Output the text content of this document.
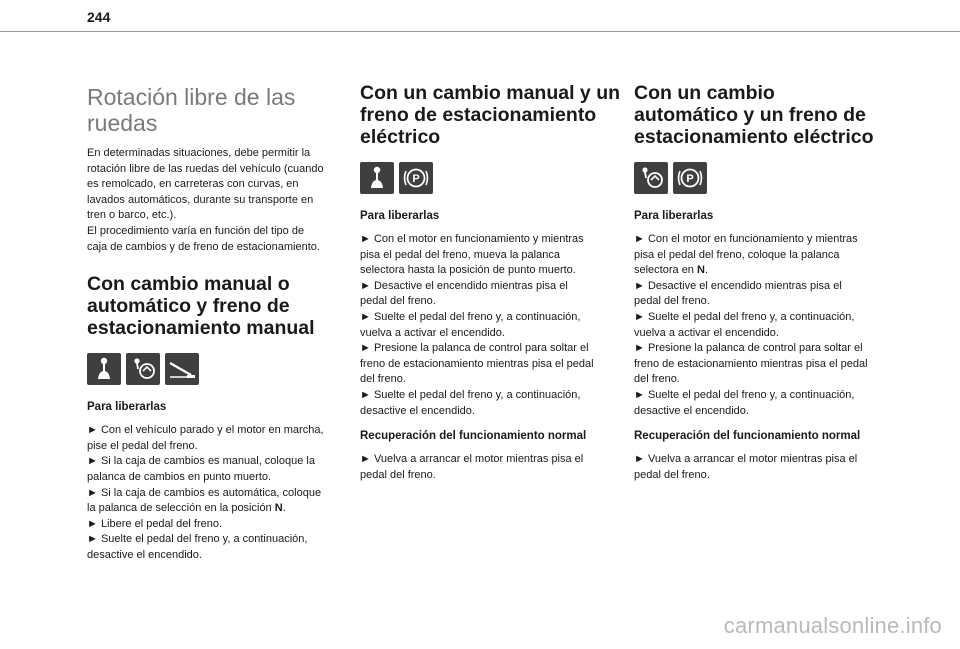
244
Rotación libre de las
ruedas
En determinadas situaciones, debe permitir la
rotación libre de las ruedas del vehículo (cuando
es remolcado, en carreteras con curvas, en
lavados automáticos, durante su transporte en
tren o barco, etc.).
El procedimiento varía en función del tipo de
caja de cambios y de freno de estacionamiento.
Con cambio manual o
automático y freno de
estacionamiento manual
Para liberarlas
► Con el vehículo parado y el motor en marcha,
pise el pedal del freno.
► Si la caja de cambios es manual, coloque la
palanca de cambios en punto muerto.
► Si la caja de cambios es automática, coloque
la palanca de selección en la posición N.
► Libere el pedal del freno.
► Suelte el pedal del freno y, a continuación,
desactive el encendido.
Con un cambio manual y un
freno de estacionamiento
eléctrico
P
Para liberarlas
► Con el motor en funcionamiento y mientras
pisa el pedal del freno, mueva la palanca
selectora hasta la posición de punto muerto.
► Desactive el encendido mientras pisa el
pedal del freno.
► Suelte el pedal del freno y, a continuación,
vuelva a activar el encendido.
► Presione la palanca de control para soltar el
freno de estacionamiento mientras pisa el pedal
del freno.
► Suelte el pedal del freno y, a continuación,
desactive el encendido.
Recuperación del funcionamiento normal
► Vuelva a arrancar el motor mientras pisa el
pedal del freno.
Con un cambio
automático y un freno de
estacionamiento eléctrico
P
Para liberarlas
► Con el motor en funcionamiento y mientras
pisa el pedal del freno, coloque la palanca
selectora en N.
► Desactive el encendido mientras pisa el
pedal del freno.
► Suelte el pedal del freno y, a continuación,
vuelva a activar el encendido.
► Presione la palanca de control para soltar el
freno de estacionamiento mientras pisa el pedal
del freno.
► Suelte el pedal del freno y, a continuación,
desactive el encendido.
Recuperación del funcionamiento normal
► Vuelva a arrancar el motor mientras pisa el
pedal del freno.
carmanualsonline.info
